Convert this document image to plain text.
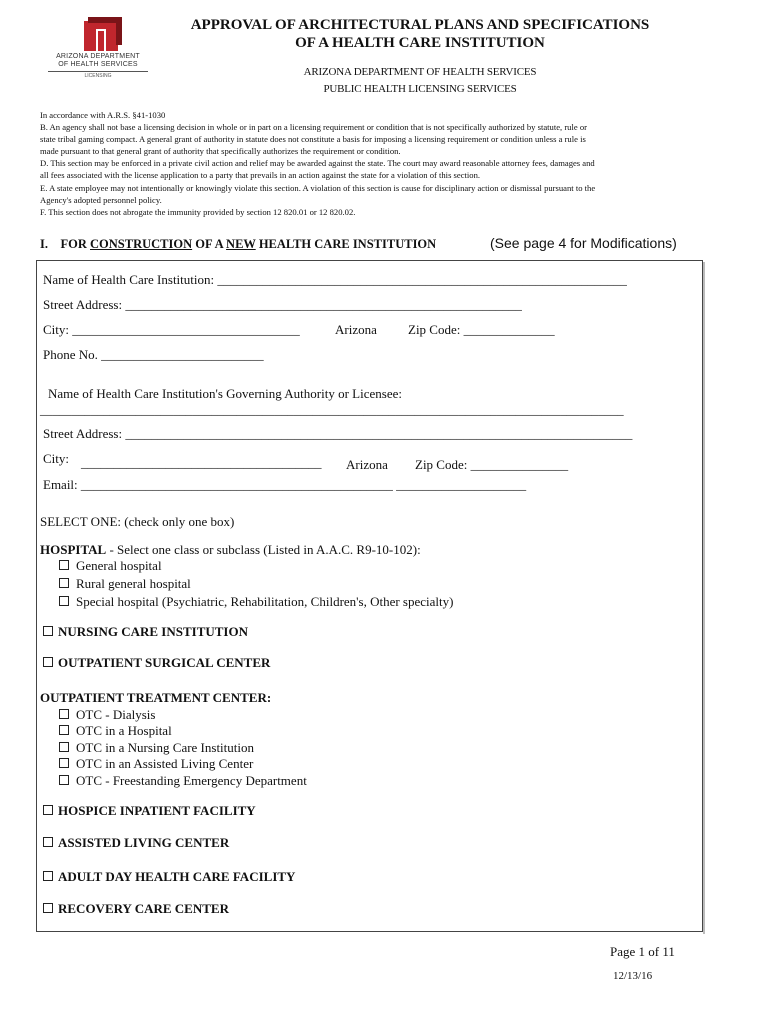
ARIZONA DEPARTMENT
OF HEALTH SERVICES
LICENSING
APPROVAL OF ARCHITECTURAL PLANS AND SPECIFICATIONS
OF A HEALTH CARE INSTITUTION
ARIZONA DEPARTMENT OF HEALTH SERVICES
PUBLIC HEALTH LICENSING SERVICES
In accordance with A.R.S. §41-1030
B. An agency shall not base a licensing decision in whole or in part on a licensing requirement or condition that is not specifically authorized by statute, rule or
state tribal gaming compact. A general grant of authority in statute does not constitute a basis for imposing a licensing requirement or condition unless a rule is
made pursuant to that general grant of authority that specifically authorizes the requirement or condition.
D. This section may be enforced in a private civil action and relief may be awarded against the state. The court may award reasonable attorney fees, damages and
all fees associated with the license application to a party that prevails in an action against the state for a violation of this section.
E. A state employee may not intentionally or knowingly violate this section. A violation of this section is cause for disciplinary action or dismissal pursuant to the
Agency's adopted personnel policy.
F. This section does not abrogate the immunity provided by section 12 820.01 or 12 820.02.
I. FOR CONSTRUCTION OF A NEW HEALTH CARE INSTITUTION	(See page 4 for Modifications)
Name of Health Care Institution: _______________________________________________________________
Street Address: _____________________________________________________________
City: ___________________________________	Arizona Zip Code: ______________
Phone No. _________________________
Name of Health Care Institution's Governing Authority or Licensee:
____________________________________________________________________________________________
Street Address: ______________________________________________________________________________
City: _____________________________________ Arizona Zip Code: _______________
Email: ________________________________________________ ____________________
SELECT ONE: (check only one box)
HOSPITAL - Select one class or subclass (Listed in A.A.C. R9-10-102):
General hospital
Rural general hospital
Special hospital (Psychiatric, Rehabilitation, Children's, Other specialty)
NURSING CARE INSTITUTION
OUTPATIENT SURGICAL CENTER
OUTPATIENT TREATMENT CENTER:
OTC - Dialysis
OTC in a Hospital
OTC in a Nursing Care Institution
OTC in an Assisted Living Center
OTC - Freestanding Emergency Department
HOSPICE INPATIENT FACILITY
ASSISTED LIVING CENTER
ADULT DAY HEALTH CARE FACILITY
RECOVERY CARE CENTER
Page 1 of 11
12/13/16
